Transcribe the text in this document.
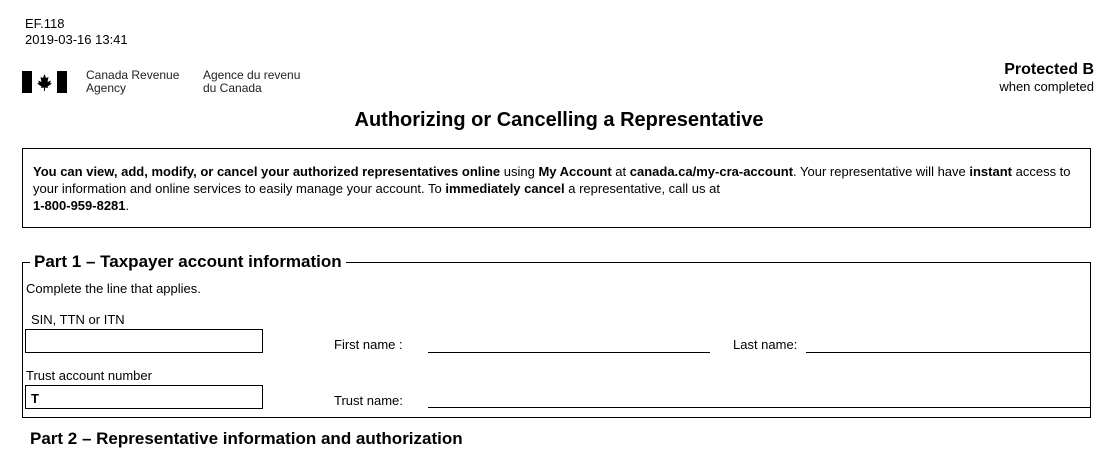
EF.118
2019-03-16 13:41
Canada Revenue
Agency
Agence du revenu
du Canada
Protected B
when completed
Authorizing or Cancelling a Representative
You can view, add, modify, or cancel your authorized representatives online using My Account at canada.ca/my-cra-account. Your representative will have instant access to your information and online services to easily manage your account. To immediately cancel a representative, call us at
1-800-959-8281.
Part 1 – Taxpayer account information
Complete the line that applies.
SIN, TTN or ITN
First name :	Last name:
Trust account number
T	Trust name:
Part 2 – Representative information and authorization
